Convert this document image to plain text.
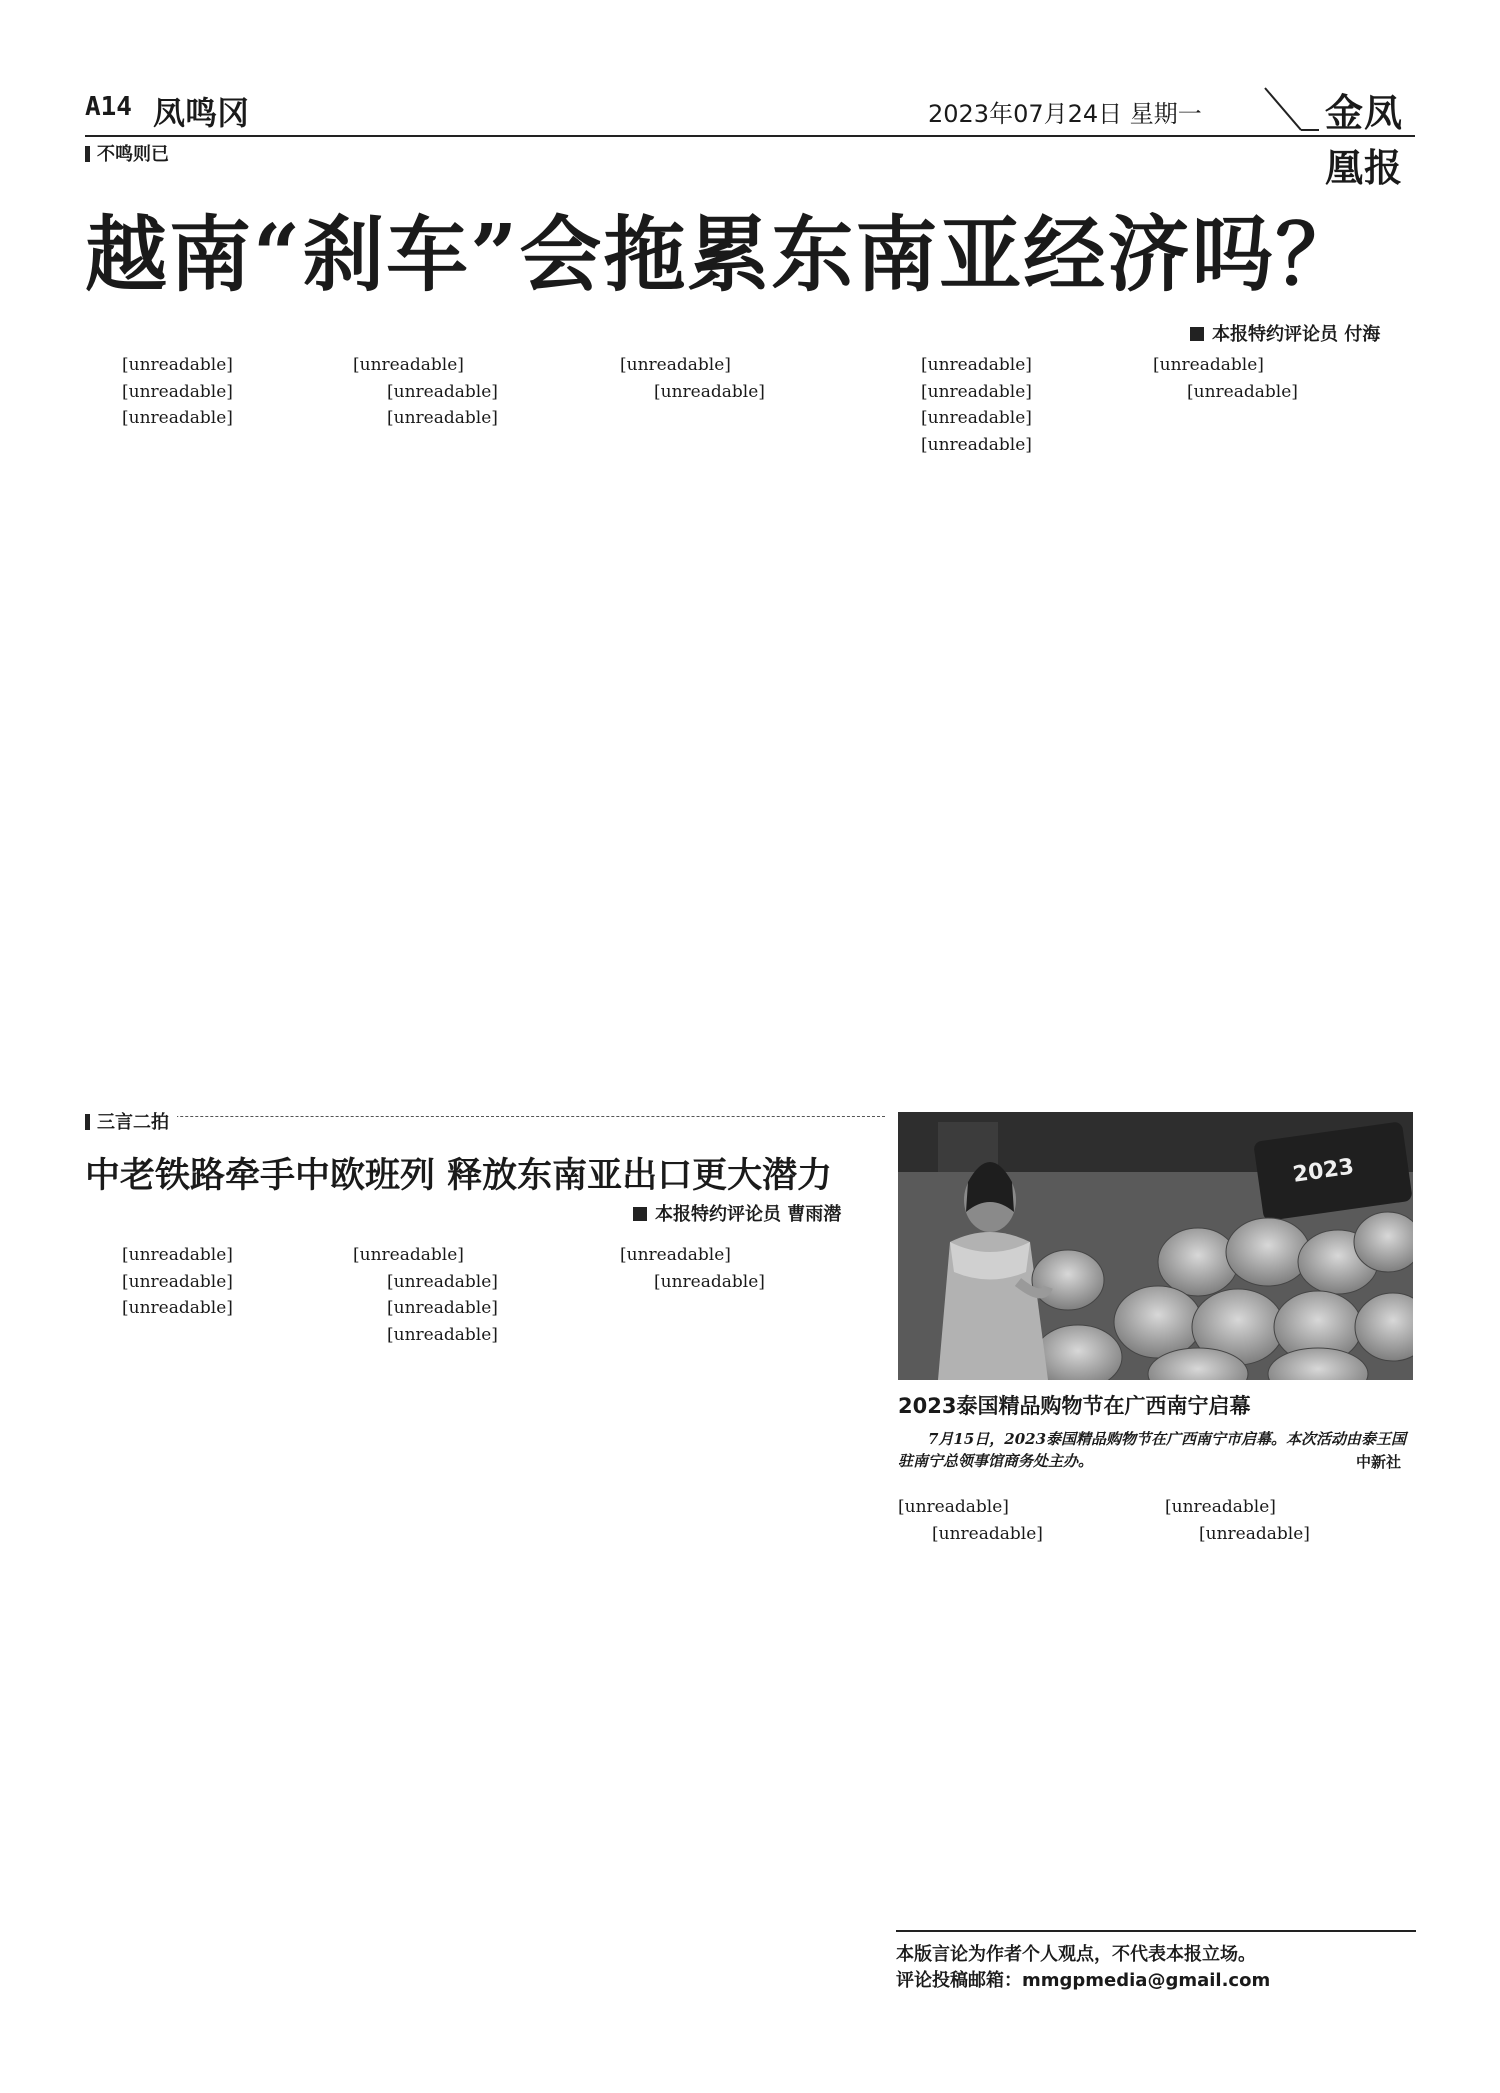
A14 凤鸣冈	2023年07月24日 星期一	金凤凰报
不鸣则已
越南“刹车”会拖累东南亚经济吗？
本报特约评论员 付海

[unreadable]

[unreadable]

[unreadable]

[unreadable]

[unreadable]

[unreadable]

[unreadable]

[unreadable]

[unreadable]

[unreadable]

[unreadable]

[unreadable]

[unreadable]

[unreadable]

三言二拍
中老铁路牵手中欧班列 释放东南亚出口更大潜力
本报特约评论员 曹雨潜

[unreadable]

[unreadable]

[unreadable]

[unreadable]

[unreadable]

[unreadable]

[unreadable]

[unreadable]

[unreadable]

2023
2023泰国精品购物节在广西南宁启幕

7月15日，2023泰国精品购物节在广西南宁市启幕。本次活动由泰王国驻南宁总领事馆商务处主办。	中新社

[unreadable]

[unreadable]

[unreadable]

[unreadable]

本版言论为作者个人观点，不代表本报立场。
评论投稿邮箱：mmgpmedia@gmail.com
